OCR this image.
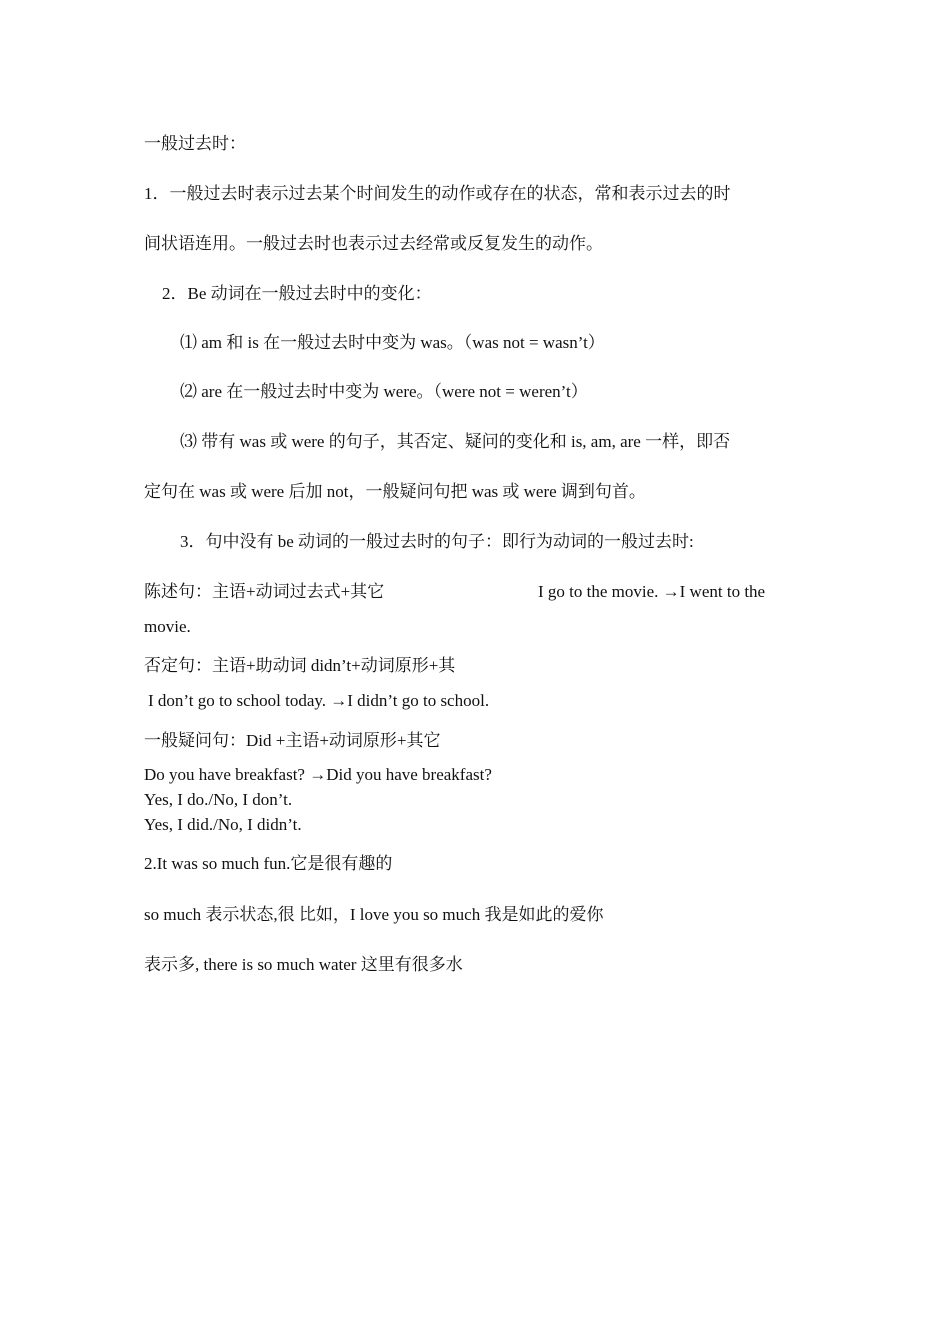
一般过去时：
1．一般过去时表示过去某个时间发生的动作或存在的状态，常和表示过去的时
间状语连用。一般过去时也表示过去经常或反复发生的动作。
2．Be 动词在一般过去时中的变化：
⑴ am 和 is 在一般过去时中变为 was。（was not = wasn’t）
⑵ are 在一般过去时中变为 were。（were not = weren’t）
⑶ 带有 was 或 were 的句子，其否定、疑问的变化和 is, am, are 一样，即否
定句在 was 或 were 后加 not，一般疑问句把 was 或 were 调到句首。
3．句中没有 be 动词的一般过去时的句子：即行为动词的一般过去时:
陈述句：主语+动词过去式+其它	I go to the movie. →I went to the
movie.
否定句：主语+助动词 didn’t+动词原形+其
I don’t go to school today. →I didn’t go to school.
一般疑问句：Did +主语+动词原形+其它
Do you have breakfast? →Did you have breakfast?
Yes, I do./No, I don’t.
Yes, I did./No, I didn’t.
2.It was so much fun.它是很有趣的
so much 表示状态,很 比如，I love you so much 我是如此的爱你
表示多, there is so much water 这里有很多水
